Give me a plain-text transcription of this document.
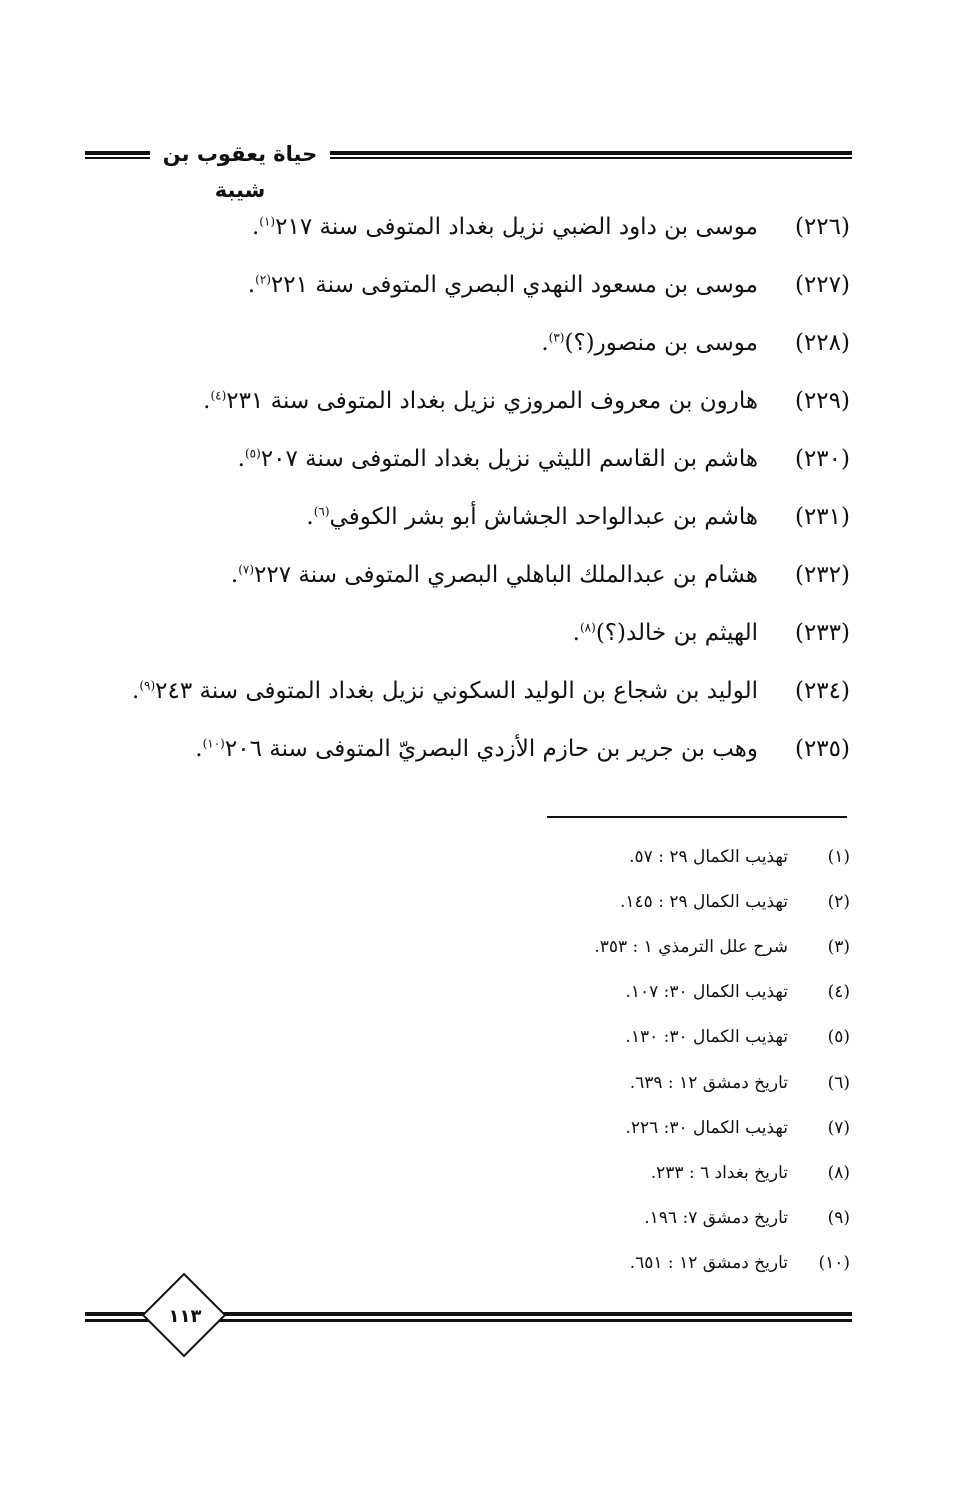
حياة يعقوب بن شيبة
(٢٢٦)
موسى بن داود الضبي نزيل بغداد المتوفى سنة ٢١٧$^{(١)}$.
(٢٢٧)
موسى بن مسعود النهدي البصري المتوفى سنة ٢٢١$^{(٢)}$.
(٢٢٨)
موسى بن منصور(؟)$^{(٣)}$.
(٢٢٩)
هارون بن معروف المروزي نزيل بغداد المتوفى سنة ٢٣١$^{(٤)}$.
(٢٣٠)
هاشم بن القاسم الليثي نزيل بغداد المتوفى سنة ٢٠٧$^{(٥)}$.
(٢٣١)
هاشم بن عبدالواحد الجشاش أبو بشر الكوفي$^{(٦)}$.
(٢٣٢)
هشام بن عبدالملك الباهلي البصري المتوفى سنة ٢٢٧$^{(٧)}$.
(٢٣٣)
الهيثم بن خالد(؟)$^{(٨)}$.
(٢٣٤)
الوليد بن شجاع بن الوليد السكوني نزيل بغداد المتوفى سنة ٢٤٣$^{(٩)}$.
(٢٣٥)
وهب بن جرير بن حازم الأزدي البصريّ المتوفى سنة ٢٠٦$^{(١٠)}$.
(١)
تهذيب الكمال ٢٩ : ٥٧.
(٢)
تهذيب الكمال ٢٩ : ١٤٥.
(٣)
شرح علل الترمذي ١ : ٣٥٣.
(٤)
تهذيب الكمال ٣٠: ١٠٧.
(٥)
تهذيب الكمال ٣٠: ١٣٠.
(٦)
تاريخ دمشق ١٢ : ٦٣٩.
(٧)
تهذيب الكمال ٣٠: ٢٢٦.
(٨)
تاريخ بغداد ٦ : ٢٣٣.
(٩)
تاريخ دمشق ٧: ١٩٦.
(١٠)
تاريخ دمشق ١٢ : ٦٥١.
١١٣
